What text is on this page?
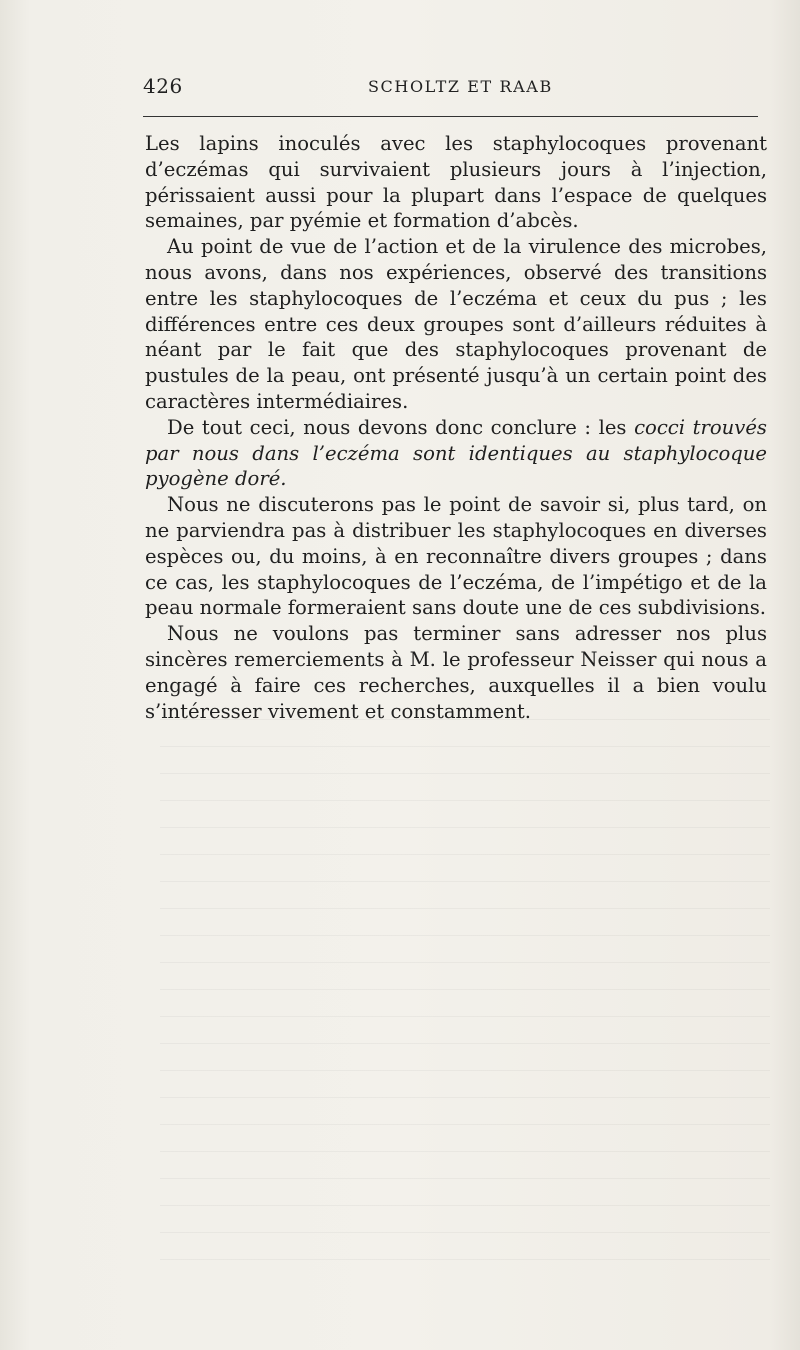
426	SCHOLTZ ET RAAB

Les lapins inoculés avec les staphylocoques provenant d’eczémas qui survivaient plusieurs jours à l’injection, périssaient aussi pour la plupart dans l’espace de quelques semaines, par pyémie et formation d’abcès.

Au point de vue de l’action et de la virulence des microbes, nous avons, dans nos expériences, observé des transitions entre les staphylocoques de l’eczéma et ceux du pus ; les différences entre ces deux groupes sont d’ailleurs réduites à néant par le fait que des staphylocoques provenant de pustules de la peau, ont présenté jusqu’à un certain point des caractères intermédiaires.

De tout ceci, nous devons donc conclure : les cocci trouvés par nous dans l’eczéma sont identiques au staphylocoque pyogène doré.

Nous ne discuterons pas le point de savoir si, plus tard, on ne parviendra pas à distribuer les staphylocoques en diverses espèces ou, du moins, à en reconnaître divers groupes ; dans ce cas, les staphylocoques de l’eczéma, de l’impétigo et de la peau normale formeraient sans doute une de ces subdivisions.

Nous ne voulons pas terminer sans adresser nos plus sincères remerciements à M. le professeur Neisser qui nous a engagé à faire ces recherches, auxquelles il a bien voulu s’intéresser vivement et constamment.
